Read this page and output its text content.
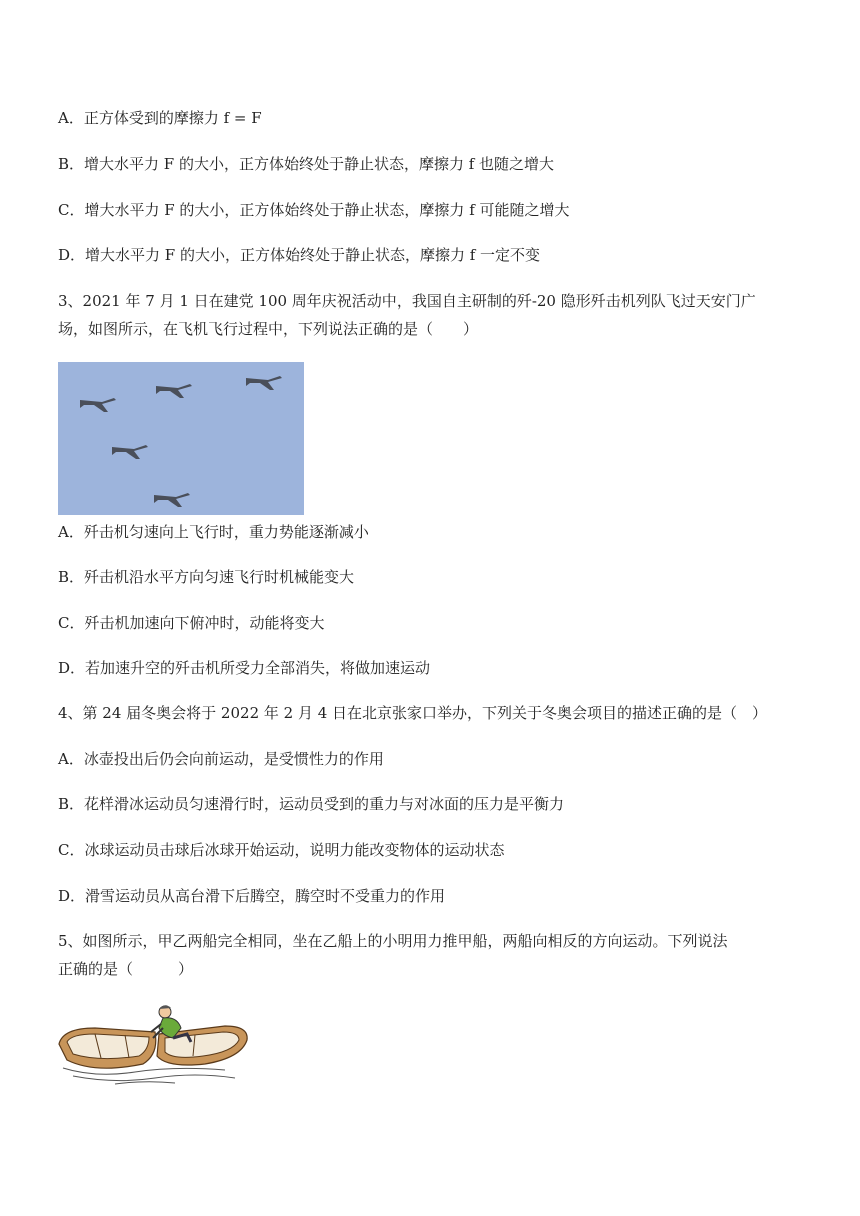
A．正方体受到的摩擦力 f = F
B．增大水平力 F 的大小，正方体始终处于静止状态，摩擦力 f 也随之增大
C．增大水平力 F 的大小，正方体始终处于静止状态，摩擦力 f 可能随之增大
D．增大水平力 F 的大小，正方体始终处于静止状态，摩擦力 f 一定不变
3、2021 年 7 月 1 日在建党 100 周年庆祝活动中，我国自主研制的歼-20 隐形歼击机列队飞过天安门广
场，如图所示，在飞机飞行过程中，下列说法正确的是（　　）
A．歼击机匀速向上飞行时，重力势能逐渐减小
B．歼击机沿水平方向匀速飞行时机械能变大
C．歼击机加速向下俯冲时，动能将变大
D．若加速升空的歼击机所受力全部消失，将做加速运动
4、第 24 届冬奥会将于 2022 年 2 月 4 日在北京张家口举办，下列关于冬奥会项目的描述正确的是（　）
A．冰壶投出后仍会向前运动，是受惯性力的作用
B．花样滑冰运动员匀速滑行时，运动员受到的重力与对冰面的压力是平衡力
C．冰球运动员击球后冰球开始运动，说明力能改变物体的运动状态
D．滑雪运动员从高台滑下后腾空，腾空时不受重力的作用
5、如图所示，甲乙两船完全相同，坐在乙船上的小明用力推甲船，两船向相反的方向运动。下列说法
正确的是（　　　）
